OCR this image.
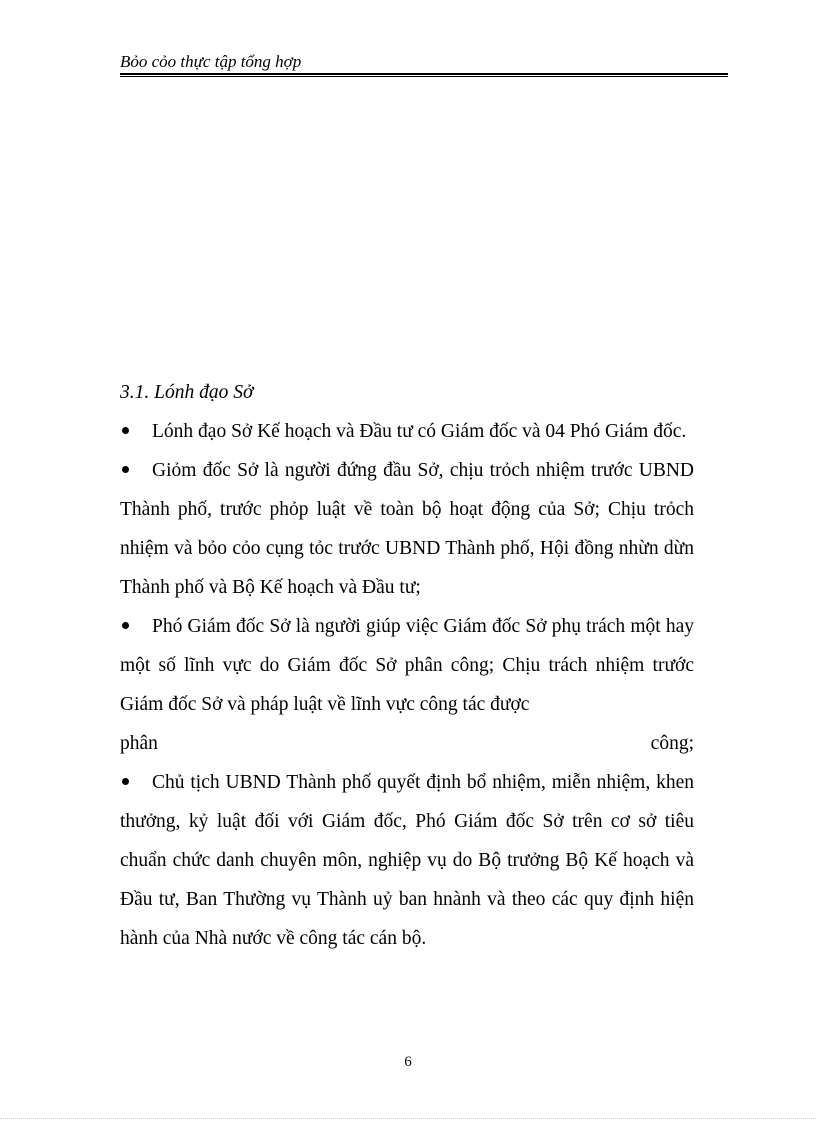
Bỏo cỏo thực tập tổng hợp

3.1. Lónh đạo Sở

Lónh đạo Sở Kế hoạch và Đầu tư có Giám đốc và 04 Phó Giám đốc.

Giỏm đốc Sở là người đứng đầu Sở, chịu trỏch nhiệm trước UBND Thành phố, trước phỏp luật về toàn bộ hoạt động của Sở; Chịu trỏch nhiệm và bỏo cỏo cụng tỏc trước UBND Thành phố, Hội đồng nhừn dừn Thành phố và Bộ Kế hoạch và Đầu tư;

Phó Giám đốc Sở là người giúp việc Giám đốc Sở phụ trách một hay một số lĩnh vực do Giám đốc Sở phân công; Chịu trách nhiệm trước Giám đốc Sở và pháp luật về lĩnh vực công tác được

phân	công;

Chủ tịch UBND Thành phố quyết định bổ nhiệm, miễn nhiệm, khen thưởng, kỷ luật đối với Giám đốc, Phó Giám đốc Sở trên cơ sở tiêu chuẩn chức danh chuyên môn, nghiệp vụ do Bộ trưởng Bộ Kế hoạch và Đầu tư, Ban Thường vụ Thành uỷ ban hnành và theo các quy định hiện hành của Nhà nước về công tác cán bộ.

6
